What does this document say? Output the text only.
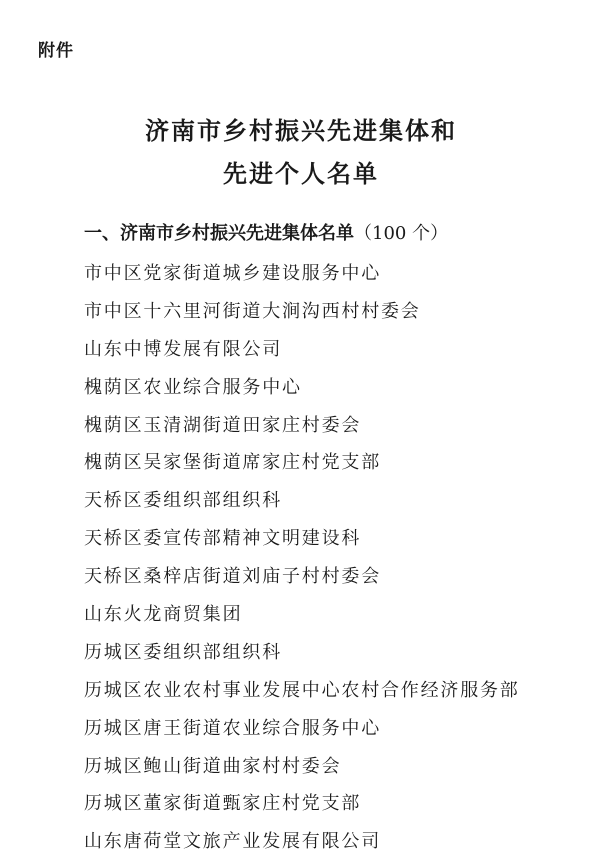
附件

济南市乡村振兴先进集体和
先进个人名单
一、济南市乡村振兴先进集体名单（100 个）
市中区党家街道城乡建设服务中心
市中区十六里河街道大涧沟西村村委会
山东中博发展有限公司
槐荫区农业综合服务中心
槐荫区玉清湖街道田家庄村委会
槐荫区吴家堡街道席家庄村党支部
天桥区委组织部组织科
天桥区委宣传部精神文明建设科
天桥区桑梓店街道刘庙子村村委会
山东火龙商贸集团
历城区委组织部组织科
历城区农业农村事业发展中心农村合作经济服务部
历城区唐王街道农业综合服务中心
历城区鲍山街道曲家村村委会
历城区董家街道甄家庄村党支部
山东唐荷堂文旅产业发展有限公司
